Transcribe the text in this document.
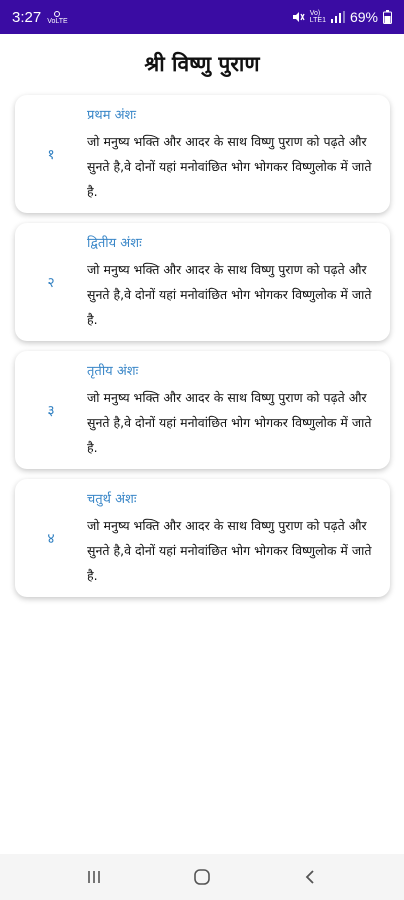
3:27 VoLTE
Vo)
LTE1 69%
श्री विष्णु पुराण
१
प्रथम अंशः
जो मनुष्य भक्ति और आदर के साथ विष्णु पुराण को पढ़ते और सुनते है,वे दोनों यहां मनोवांछित भोग भोगकर विष्णुलोक में जाते है.
२
द्वितीय अंशः
जो मनुष्य भक्ति और आदर के साथ विष्णु पुराण को पढ़ते और सुनते है,वे दोनों यहां मनोवांछित भोग भोगकर विष्णुलोक में जाते है.
३
तृतीय अंशः
जो मनुष्य भक्ति और आदर के साथ विष्णु पुराण को पढ़ते और सुनते है,वे दोनों यहां मनोवांछित भोग भोगकर विष्णुलोक में जाते है.
४
चतुर्थ अंशः
जो मनुष्य भक्ति और आदर के साथ विष्णु पुराण को पढ़ते और सुनते है,वे दोनों यहां मनोवांछित भोग भोगकर विष्णुलोक में जाते है.
